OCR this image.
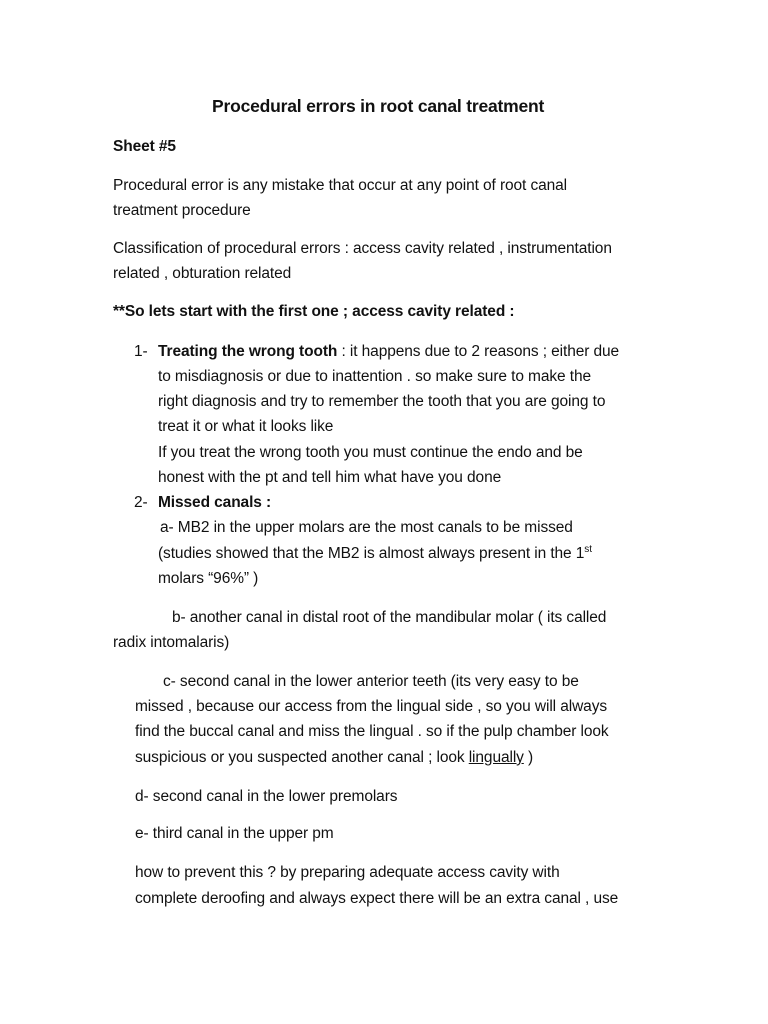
Procedural errors in root canal treatment
Sheet #5
Procedural error is any mistake that occur at any point of root canal
treatment procedure
Classification of procedural errors : access cavity related , instrumentation
related , obturation related
**So lets start with the first one ; access cavity related :
1- Treating the wrong tooth : it happens due to 2 reasons ; either due
to misdiagnosis or due to inattention . so make sure to make the
right diagnosis and try to remember the tooth that you are going to
treat it or what it looks like
If you treat the wrong tooth you must continue the endo and be
honest with the pt and tell him what have you done
2- Missed canals :
a- MB2 in the upper molars are the most canals to be missed
(studies showed that the MB2 is almost always present in the 1st
molars “96%” )
b- another canal in distal root of the mandibular molar ( its called
radix intomalaris)
c- second canal in the lower anterior teeth (its very easy to be
missed , because our access from the lingual side , so you will always
find the buccal canal and miss the lingual . so if the pulp chamber look
suspicious or you suspected another canal ; look lingually )
d- second canal in the lower premolars
e- third canal in the upper pm
how to prevent this ? by preparing adequate access cavity with
complete deroofing and always expect there will be an extra canal , use
